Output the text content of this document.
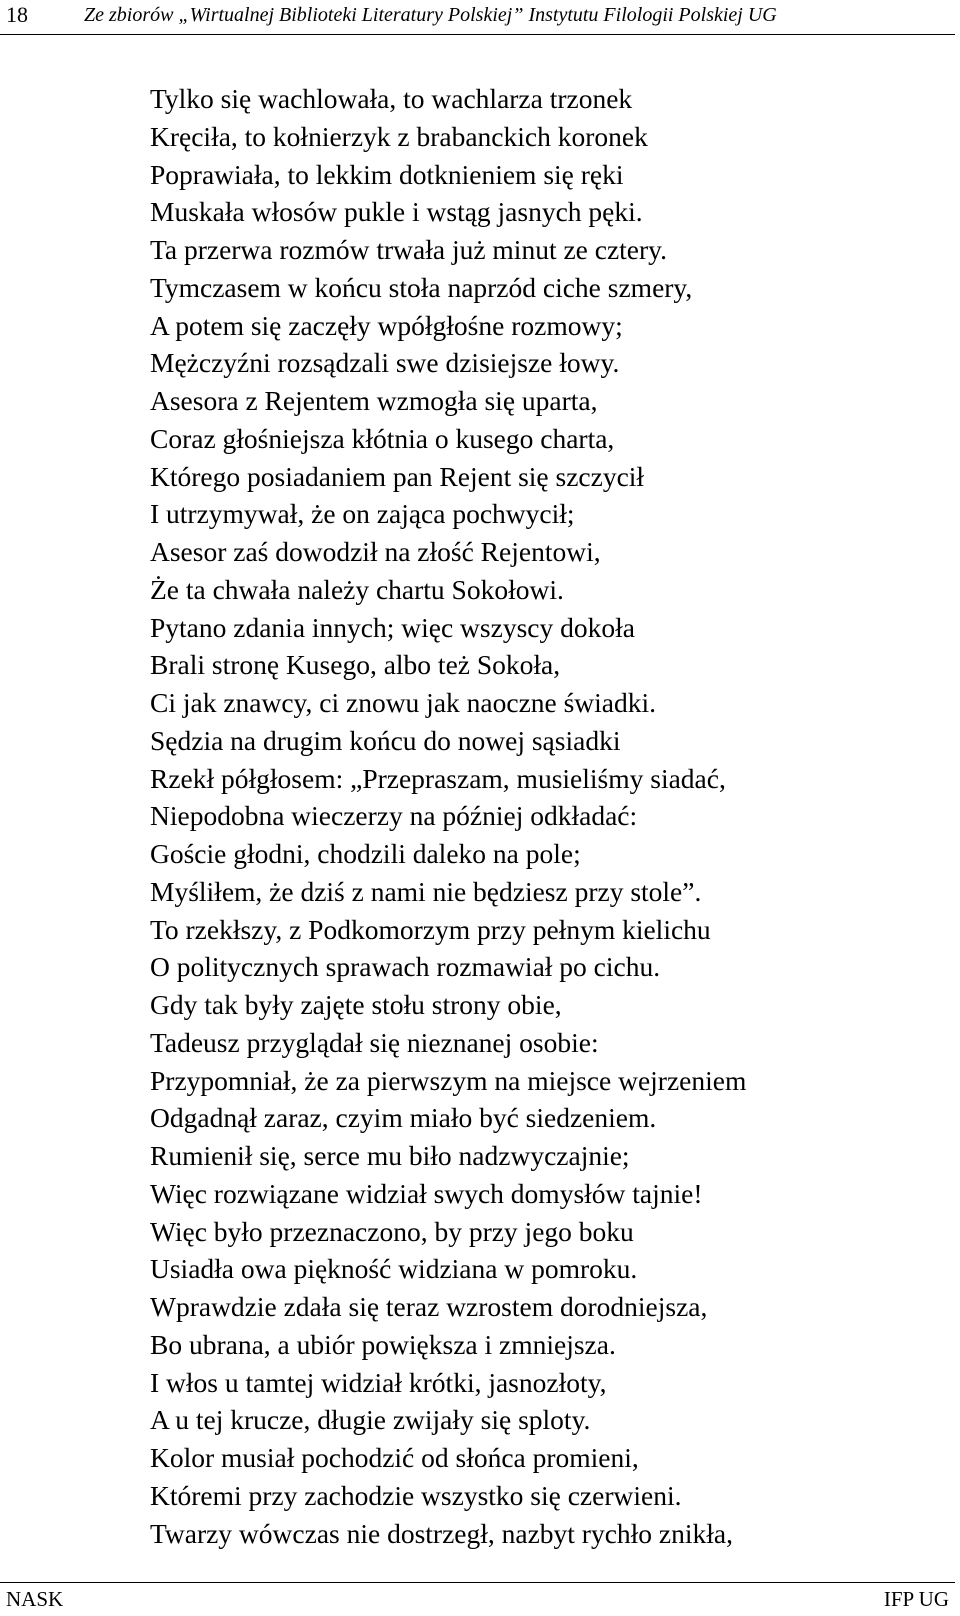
18	Ze zbiorów „Wirtualnej Biblioteki Literatury Polskiej” Instytutu Filologii Polskiej UG
Tylko się wachlowała, to wachlarza trzonek
Kręciła, to kołnierzyk z brabanckich koronek
Poprawiała, to lekkim dotknieniem się ręki
Muskała włosów pukle i wstąg jasnych pęki.
Ta przerwa rozmów trwała już minut ze cztery.
Tymczasem w końcu stoła naprzód ciche szmery,
A potem się zaczęły wpółgłośne rozmowy;
Mężczyźni rozsądzali swe dzisiejsze łowy.
Asesora z Rejentem wzmogła się uparta,
Coraz głośniejsza kłótnia o kusego charta,
Którego posiadaniem pan Rejent się szczycił
I utrzymywał, że on zająca pochwycił;
Asesor zaś dowodził na złość Rejentowi,
Że ta chwała należy chartu Sokołowi.
Pytano zdania innych; więc wszyscy dokoła
Brali stronę Kusego, albo też Sokoła,
Ci jak znawcy, ci znowu jak naoczne świadki.
Sędzia na drugim końcu do nowej sąsiadki
Rzekł półgłosem: „Przepraszam, musieliśmy siadać,
Niepodobna wieczerzy na później odkładać:
Goście głodni, chodzili daleko na pole;
Myśliłem, że dziś z nami nie będziesz przy stole”.
To rzekłszy, z Podkomorzym przy pełnym kielichu
O politycznych sprawach rozmawiał po cichu.
Gdy tak były zajęte stołu strony obie,
Tadeusz przyglądał się nieznanej osobie:
Przypomniał, że za pierwszym na miejsce wejrzeniem
Odgadnął zaraz, czyim miało być siedzeniem.
Rumienił się, serce mu biło nadzwyczajnie;
Więc rozwiązane widział swych domysłów tajnie!
Więc było przeznaczono, by przy jego boku
Usiadła owa piękność widziana w pomroku.
Wprawdzie zdała się teraz wzrostem dorodniejsza,
Bo ubrana, a ubiór powiększa i zmniejsza.
I włos u tamtej widział krótki, jasnozłoty,
A u tej krucze, długie zwijały się sploty.
Kolor musiał pochodzić od słońca promieni,
Któremi przy zachodzie wszystko się czerwieni.
Twarzy wówczas nie dostrzegł, nazbyt rychło znikła,
NASK	IFP UG
